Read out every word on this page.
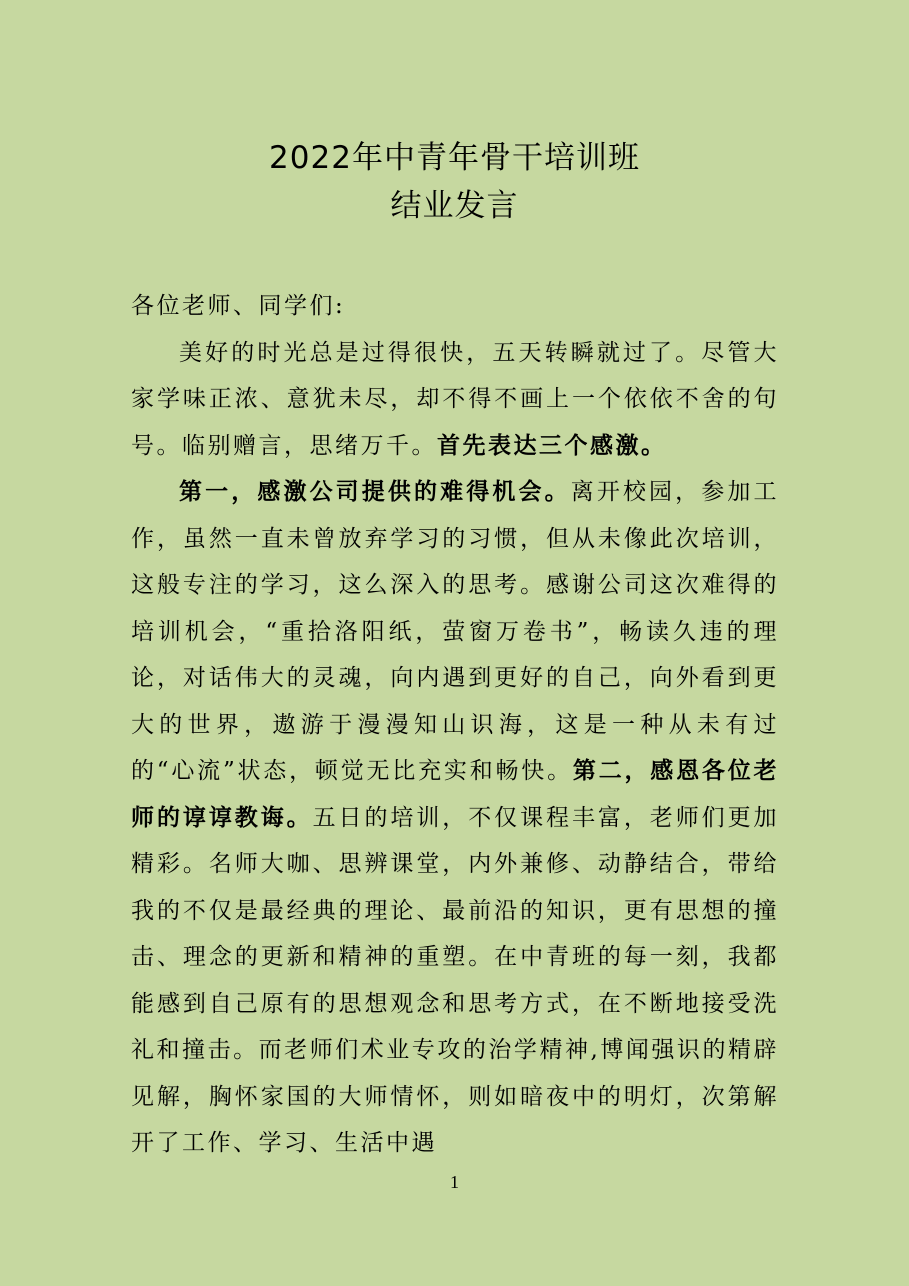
2022年中青年骨干培训班
结业发言

各位老师、同学们:

美好的时光总是过得很快，五天转瞬就过了。尽管大家学味正浓、意犹未尽，却不得不画上一个依依不舍的句号。临别赠言，思绪万千。首先表达三个感激。

第一，感激公司提供的难得机会。离开校园，参加工作，虽然一直未曾放弃学习的习惯，但从未像此次培训，这般专注的学习，这么深入的思考。感谢公司这次难得的培训机会，“重拾洛阳纸，萤窗万卷书”，畅读久违的理论，对话伟大的灵魂，向内遇到更好的自己，向外看到更大的世界，遨游于漫漫知山识海，这是一种从未有过的“心流”状态，顿觉无比充实和畅快。第二，感恩各位老师的谆谆教诲。五日的培训，不仅课程丰富，老师们更加精彩。名师大咖、思辨课堂，内外兼修、动静结合，带给我的不仅是最经典的理论、最前沿的知识，更有思想的撞击、理念的更新和精神的重塑。在中青班的每一刻，我都能感到自己原有的思想观念和思考方式，在不断地接受洗礼和撞击。而老师们术业专攻的治学精神,博闻强识的精辟见解，胸怀家国的大师情怀，则如暗夜中的明灯，次第解开了工作、学习、生活中遇

1
